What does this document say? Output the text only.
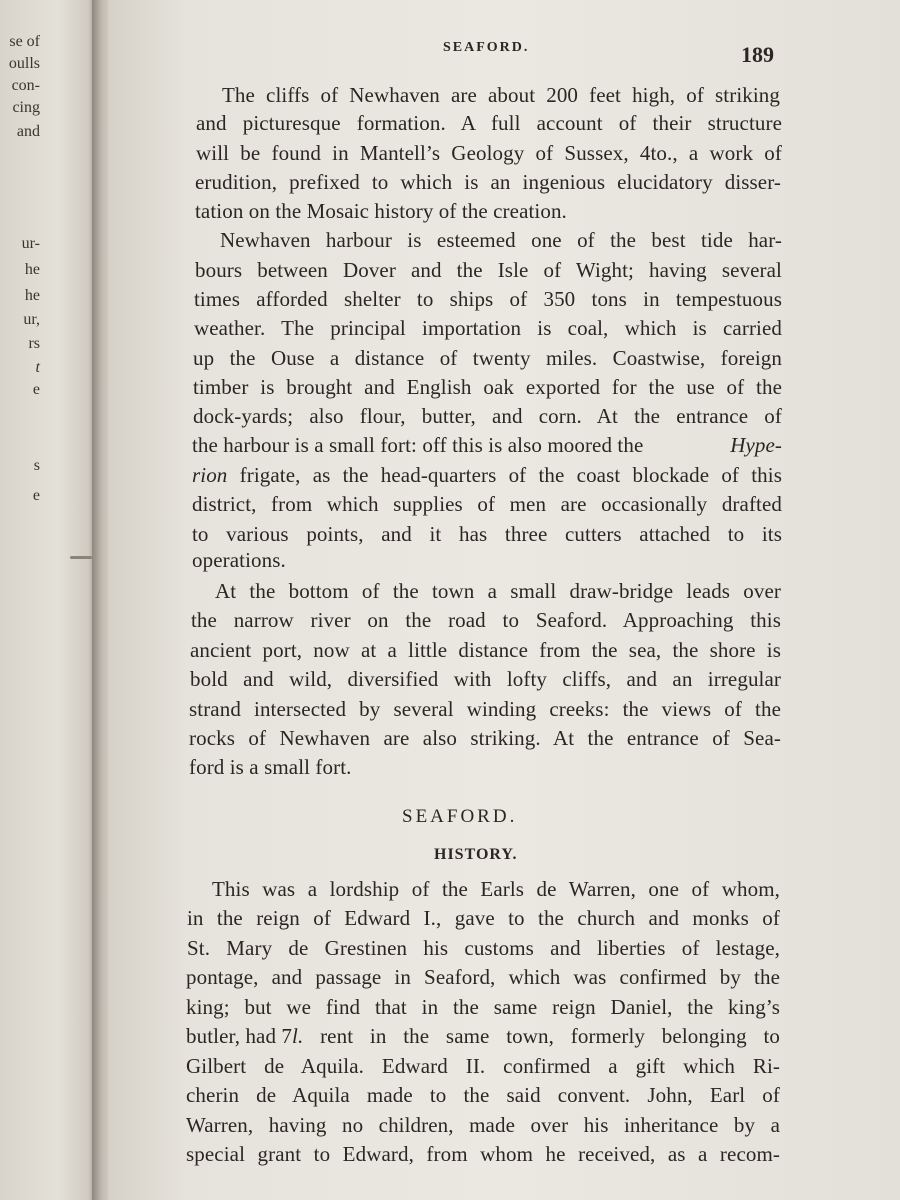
se of
oulls
con-
cing
and
ur-
he
he
ur,
rs
t
e
s
e
SEAFORD.	189
The cliffs of Newhaven are about 200 feet high, of striking
and picturesque formation. A full account of their structure
will be found in Mantell’s Geology of Sussex, 4to., a work of
erudition, prefixed to which is an ingenious elucidatory disser-
tation on the Mosaic history of the creation.
Newhaven harbour is esteemed one of the best tide har-
bours between Dover and the Isle of Wight; having several
times afforded shelter to ships of 350 tons in tempestuous
weather. The principal importation is coal, which is carried
up the Ouse a distance of twenty miles. Coastwise, foreign
timber is brought and English oak exported for the use of the
dock-yards; also flour, butter, and corn. At the entrance of
the harbour is a small fort: off this is also moored the	Hype-
rion frigate, as the head-quarters of the coast blockade of this
district, from which supplies of men are occasionally drafted
to various points, and it has three cutters attached to its
operations.
At the bottom of the town a small draw-bridge leads over
the narrow river on the road to Seaford. Approaching this
ancient port, now at a little distance from the sea, the shore is
bold and wild, diversified with lofty cliffs, and an irregular
strand intersected by several winding creeks: the views of the
rocks of Newhaven are also striking. At the entrance of Sea-
ford is a small fort.
SEAFORD.
HISTORY.
This was a lordship of the Earls de Warren, one of whom,
in the reign of Edward I., gave to the church and monks of
St. Mary de Grestinen his customs and liberties of lestage,
pontage, and passage in Seaford, which was confirmed by the
king; but we find that in the same reign Daniel, the king’s
butler, had 7 l. rent in the same town, formerly belonging to
Gilbert de Aquila. Edward II. confirmed a gift which Ri-
cherin de Aquila made to the said convent. John, Earl of
Warren, having no children, made over his inheritance by a
special grant to Edward, from whom he received, as a recom-
